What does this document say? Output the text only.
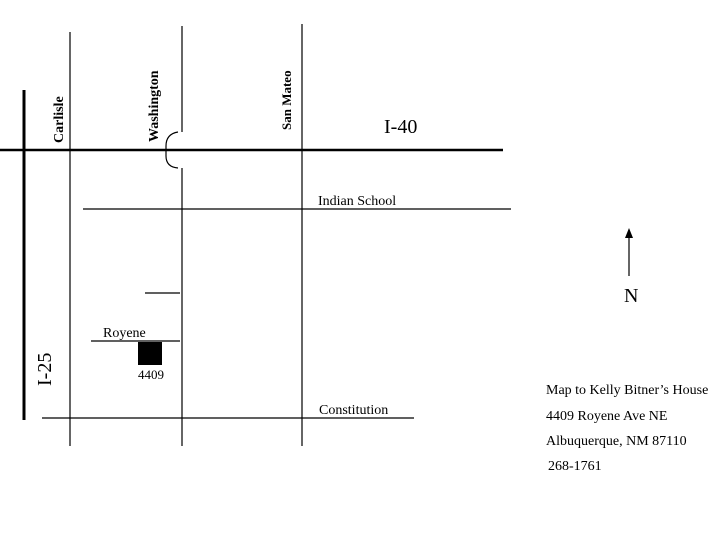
Carlisle	Washington	San Mateo	I-40
Indian School
Royene
4409
Constitution
I-25
N
Map to Kelly Bitner’s House
4409 Royene Ave NE
Albuquerque, NM 87110
268-1761
